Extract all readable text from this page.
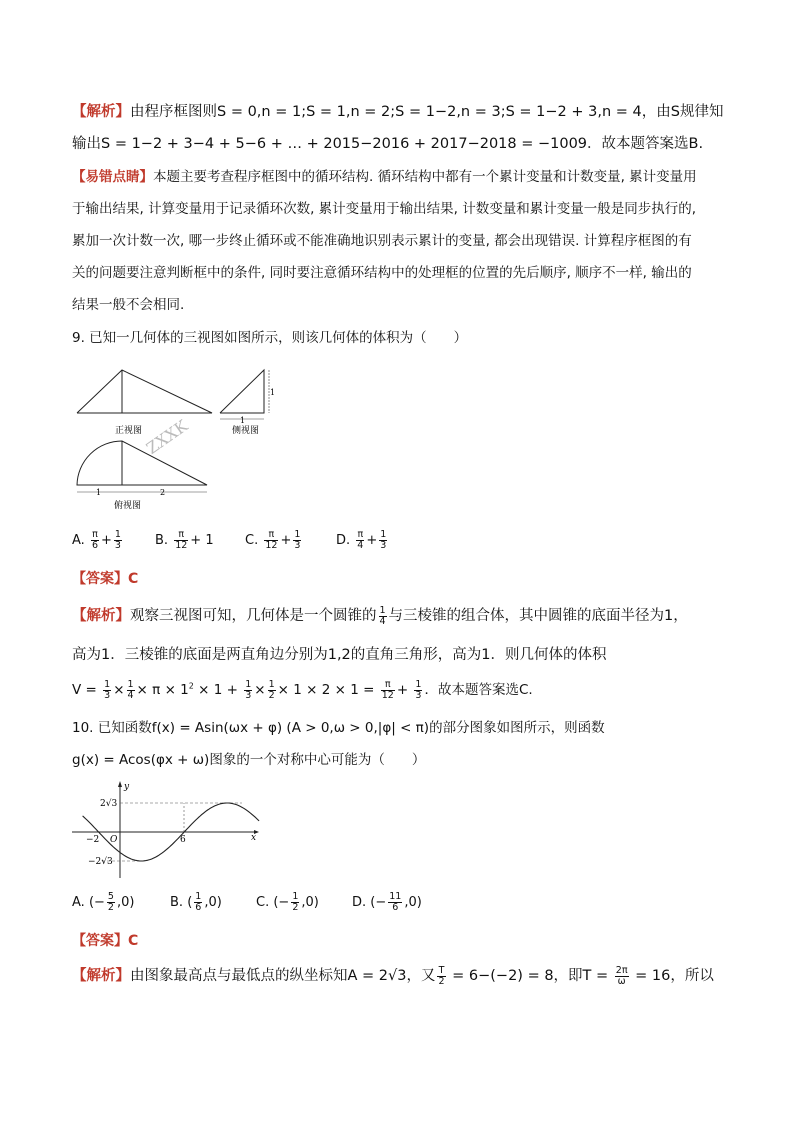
【解析】由程序框图则S = 0,n = 1;S = 1,n = 2;S = 1−2,n = 3;S = 1−2 + 3,n = 4，由S规律知
输出S = 1−2 + 3−4 + 5−6 + … + 2015−2016 + 2017−2018 = −1009．故本题答案选B.
【易错点睛】本题主要考查程序框图中的循环结构. 循环结构中都有一个累计变量和计数变量, 累计变量用
于输出结果, 计算变量用于记录循环次数, 累计变量用于输出结果, 计数变量和累计变量一般是同步执行的,
累加一次计数一次, 哪一步终止循环或不能准确地识别表示累计的变量, 都会出现错误. 计算程序框图的有
关的问题要注意判断框中的条件, 同时要注意循环结构中的处理框的位置的先后顺序, 顺序不一样, 输出的
结果一般不会相同.
9. 已知一几何体的三视图如图所示，则该几何体的体积为（　　）
正视图
1
1
侧视图
1	2
俯视图
ZXXK
A. $\frac{\pi}{6} + \frac{1}{3}$	B. $\frac{\pi}{12} + 1$ C. $\frac{\pi}{12} + \frac{1}{3}$	D. $\frac{\pi}{4} + \frac{1}{3}$
【答案】C
【解析】观察三视图可知，几何体是一个圆锥的 $\frac{1}{4}$ 与三棱锥的组合体，其中圆锥的底面半径为1，
高为1．三棱锥的底面是两直角边分别为1,2的直角三角形，高为1．则几何体的体积
$V = \frac{1}{3} \times \frac{1}{4} \times \pi \times 1^2 \times 1 + \frac{1}{3} \times \frac{1}{2} \times 1 \times 2 \times 1 = \frac{\pi}{12} + \frac{1}{3}$ ．故本题答案选C.
10. 已知函数f(x) = Asin(ωx + φ) (A > 0,ω > 0,|φ| < π)的部分图象如图所示，则函数
g(x) = Acos(φx + ω)图象的一个对称中心可能为（　　）
x
y
2√3
−2√3
−2 O	6
A. (− $\frac{5}{2} ,0$)	B. ( $\frac{1}{6} ,0$)	C. (− $\frac{1}{2} ,0$)	D. (− $\frac{11}{6} ,0$)
【答案】C
【解析】由图象最高点与最低点的纵坐标知A = 2√3，又 $\frac{T}{2} = 6-(-2) = 8$，即$T = \frac{2\pi}{\omega} = 16$，所以
